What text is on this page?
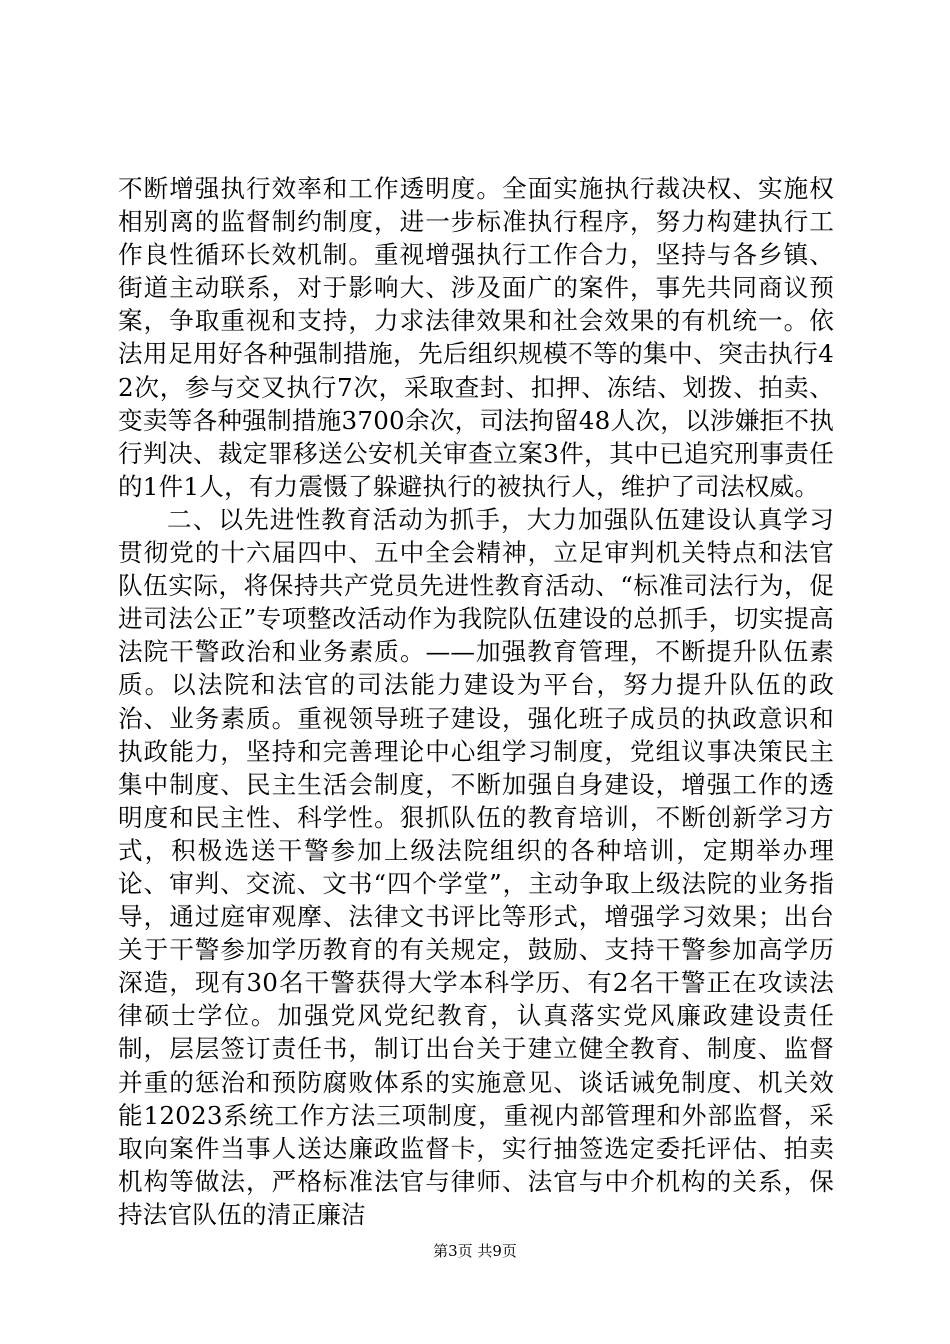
不断增强执行效率和工作透明度。全面实施执行裁决权、实施权相别离的监督制约制度，进一步标准执行程序，努力构建执行工作良性循环长效机制。重视增强执行工作合力，坚持与各乡镇、街道主动联系，对于影响大、涉及面广的案件，事先共同商议预案，争取重视和支持，力求法律效果和社会效果的有机统一。依法用足用好各种强制措施，先后组织规模不等的集中、突击执行42次，参与交叉执行7次，采取查封、扣押、冻结、划拨、拍卖、变卖等各种强制措施3700余次，司法拘留48人次，以涉嫌拒不执行判决、裁定罪移送公安机关审查立案3件，其中已追究刑事责任的1件1人，有力震慑了躲避执行的被执行人，维护了司法权威。

二、以先进性教育活动为抓手，大力加强队伍建设认真学习贯彻党的十六届四中、五中全会精神，立足审判机关特点和法官队伍实际，将保持共产党员先进性教育活动、“标准司法行为，促进司法公正”专项整改活动作为我院队伍建设的总抓手，切实提高法院干警政治和业务素质。——加强教育管理，不断提升队伍素质。以法院和法官的司法能力建设为平台，努力提升队伍的政治、业务素质。重视领导班子建设，强化班子成员的执政意识和执政能力，坚持和完善理论中心组学习制度，党组议事决策民主集中制度、民主生活会制度，不断加强自身建设，增强工作的透明度和民主性、科学性。狠抓队伍的教育培训，不断创新学习方式，积极选送干警参加上级法院组织的各种培训，定期举办理论、审判、交流、文书“四个学堂”，主动争取上级法院的业务指导，通过庭审观摩、法律文书评比等形式，增强学习效果；出台关于干警参加学历教育的有关规定，鼓励、支持干警参加高学历深造，现有30名干警获得大学本科学历、有2名干警正在攻读法律硕士学位。加强党风党纪教育，认真落实党风廉政建设责任制，层层签订责任书，制订出台关于建立健全教育、制度、监督并重的惩治和预防腐败体系的实施意见、谈话诫免制度、机关效能12023系统工作方法三项制度，重视内部管理和外部监督，采取向案件当事人送达廉政监督卡，实行抽签选定委托评估、拍卖机构等做法，严格标准法官与律师、法官与中介机构的关系，保持法官队伍的清正廉洁

第3页 共9页
